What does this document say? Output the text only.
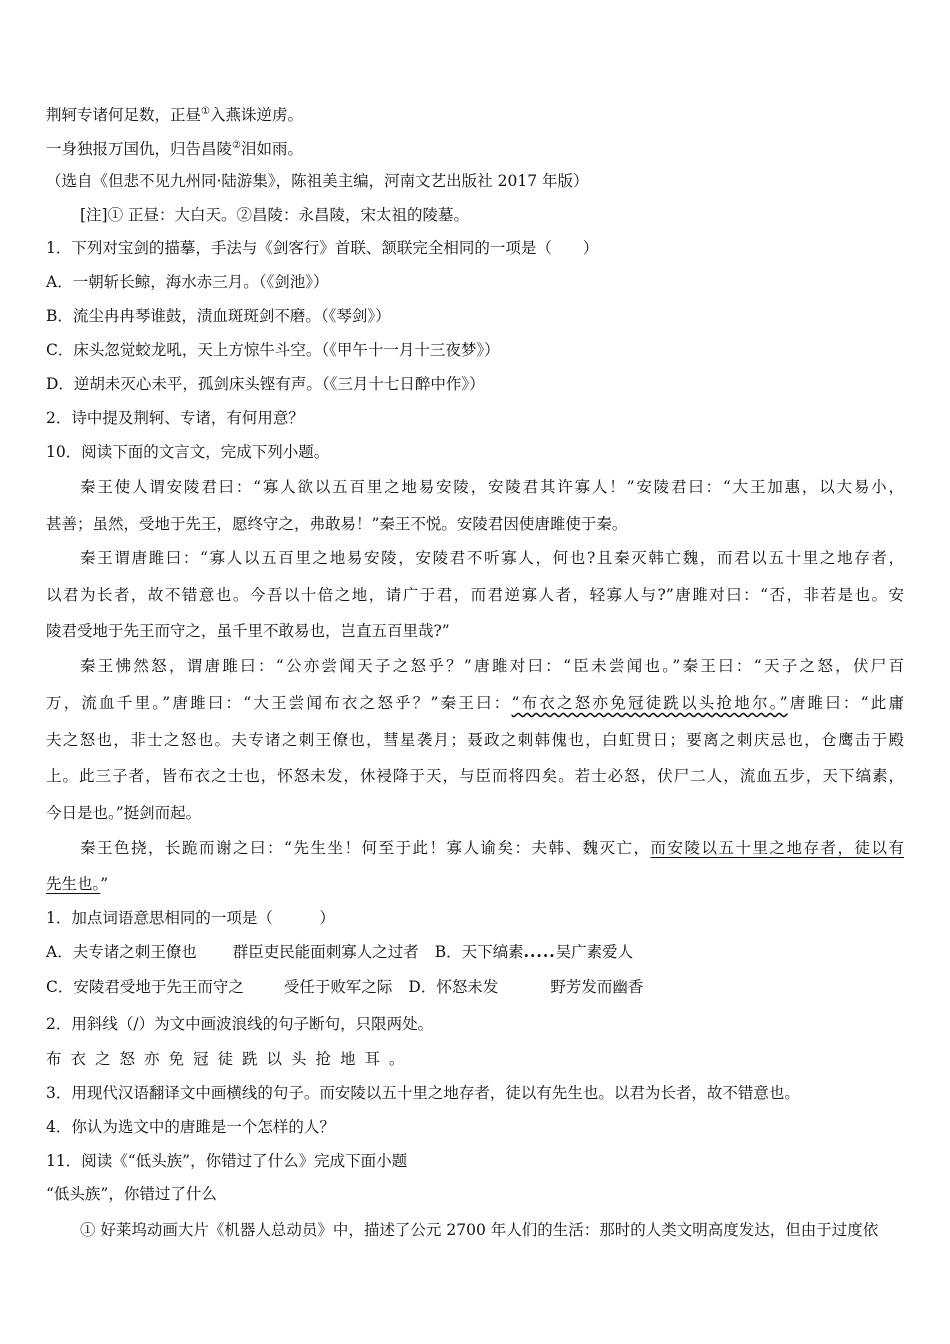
荆轲专诸何足数，正昼①入燕诛逆虏。
一身独报万国仇，归告昌陵②泪如雨。
（选自《但悲不见九州同·陆游集》，陈祖美主编，河南文艺出版社 2017 年版）
[注]① 正昼：大白天。②昌陵：永昌陵，宋太祖的陵墓。
1．下列对宝剑的描摹，手法与《剑客行》首联、颔联完全相同的一项是（　　）
A．一朝斩长鲸，海水赤三月。（《剑池》）
B．流尘冉冉琴谁鼓，渍血斑斑剑不磨。（《琴剑》）
C．床头忽觉蛟龙吼，天上方惊牛斗空。（《甲午十一月十三夜梦》）
D．逆胡未灭心未平，孤剑床头铿有声。（《三月十七日醉中作》）
2．诗中提及荆轲、专诸，有何用意？
10．阅读下面的文言文，完成下列小题。
秦王使人谓安陵君曰：“寡人欲以五百里之地易安陵，安陵君其许寡人！”安陵君曰：“大王加惠，以大易小，
甚善；虽然，受地于先王，愿终守之，弗敢易！”秦王不悦。安陵君因使唐雎使于秦。
秦王谓唐雎曰：“寡人以五百里之地易安陵，安陵君不听寡人，何也?且秦灭韩亡魏，而君以五十里之地存者，
以君为长者，故不错意也。今吾以十倍之地，请广于君，而君逆寡人者，轻寡人与?”唐雎对曰：“否，非若是也。安
陵君受地于先王而守之，虽千里不敢易也，岂直五百里哉?”
秦王怫然怒，谓唐雎曰：“公亦尝闻天子之怒乎？”唐雎对曰：“臣未尝闻也。”秦王曰：“天子之怒，伏尸百
万，流血千里。”唐雎曰：“大王尝闻布衣之怒乎？”秦王曰：“布衣之怒亦免冠徒跣以头抢地尔。”唐雎曰：“此庸
夫之怒也，非士之怒也。夫专诸之刺王僚也，彗星袭月；聂政之刺韩傀也，白虹贯日；要离之刺庆忌也，仓鹰击于殿
上。此三子者，皆布衣之士也，怀怒未发，休祲降于天，与臣而将四矣。若士必怒，伏尸二人，流血五步，天下缟素，
今日是也。”挺剑而起。
秦王色挠，长跪而谢之曰：“先生坐！何至于此！寡人谕矣：夫韩、魏灭亡，而安陵以五十里之地存者，徒以有
先生也。”
1．加点词语意思相同的一项是（　　　）
A．夫专诸之刺王僚也 群臣吏民能面刺寡人之过者 B．天下缟素.....吴广素爱人
C．安陵君受地于先王而守之	受任于败军之际 D．怀怒未发	野芳发而幽香
2．用斜线（/）为文中画波浪线的句子断句，只限两处。
布衣之怒亦免冠徒跣以头抢地耳。
3．用现代汉语翻译文中画横线的句子。而安陵以五十里之地存者，徒以有先生也。以君为长者，故不错意也。
4．你认为选文中的唐雎是一个怎样的人？
11．阅读《“低头族”，你错过了什么》完成下面小题
“低头族”，你错过了什么
① 好莱坞动画大片《机器人总动员》中，描述了公元 2700 年人们的生活：那时的人类文明高度发达，但由于过度依
